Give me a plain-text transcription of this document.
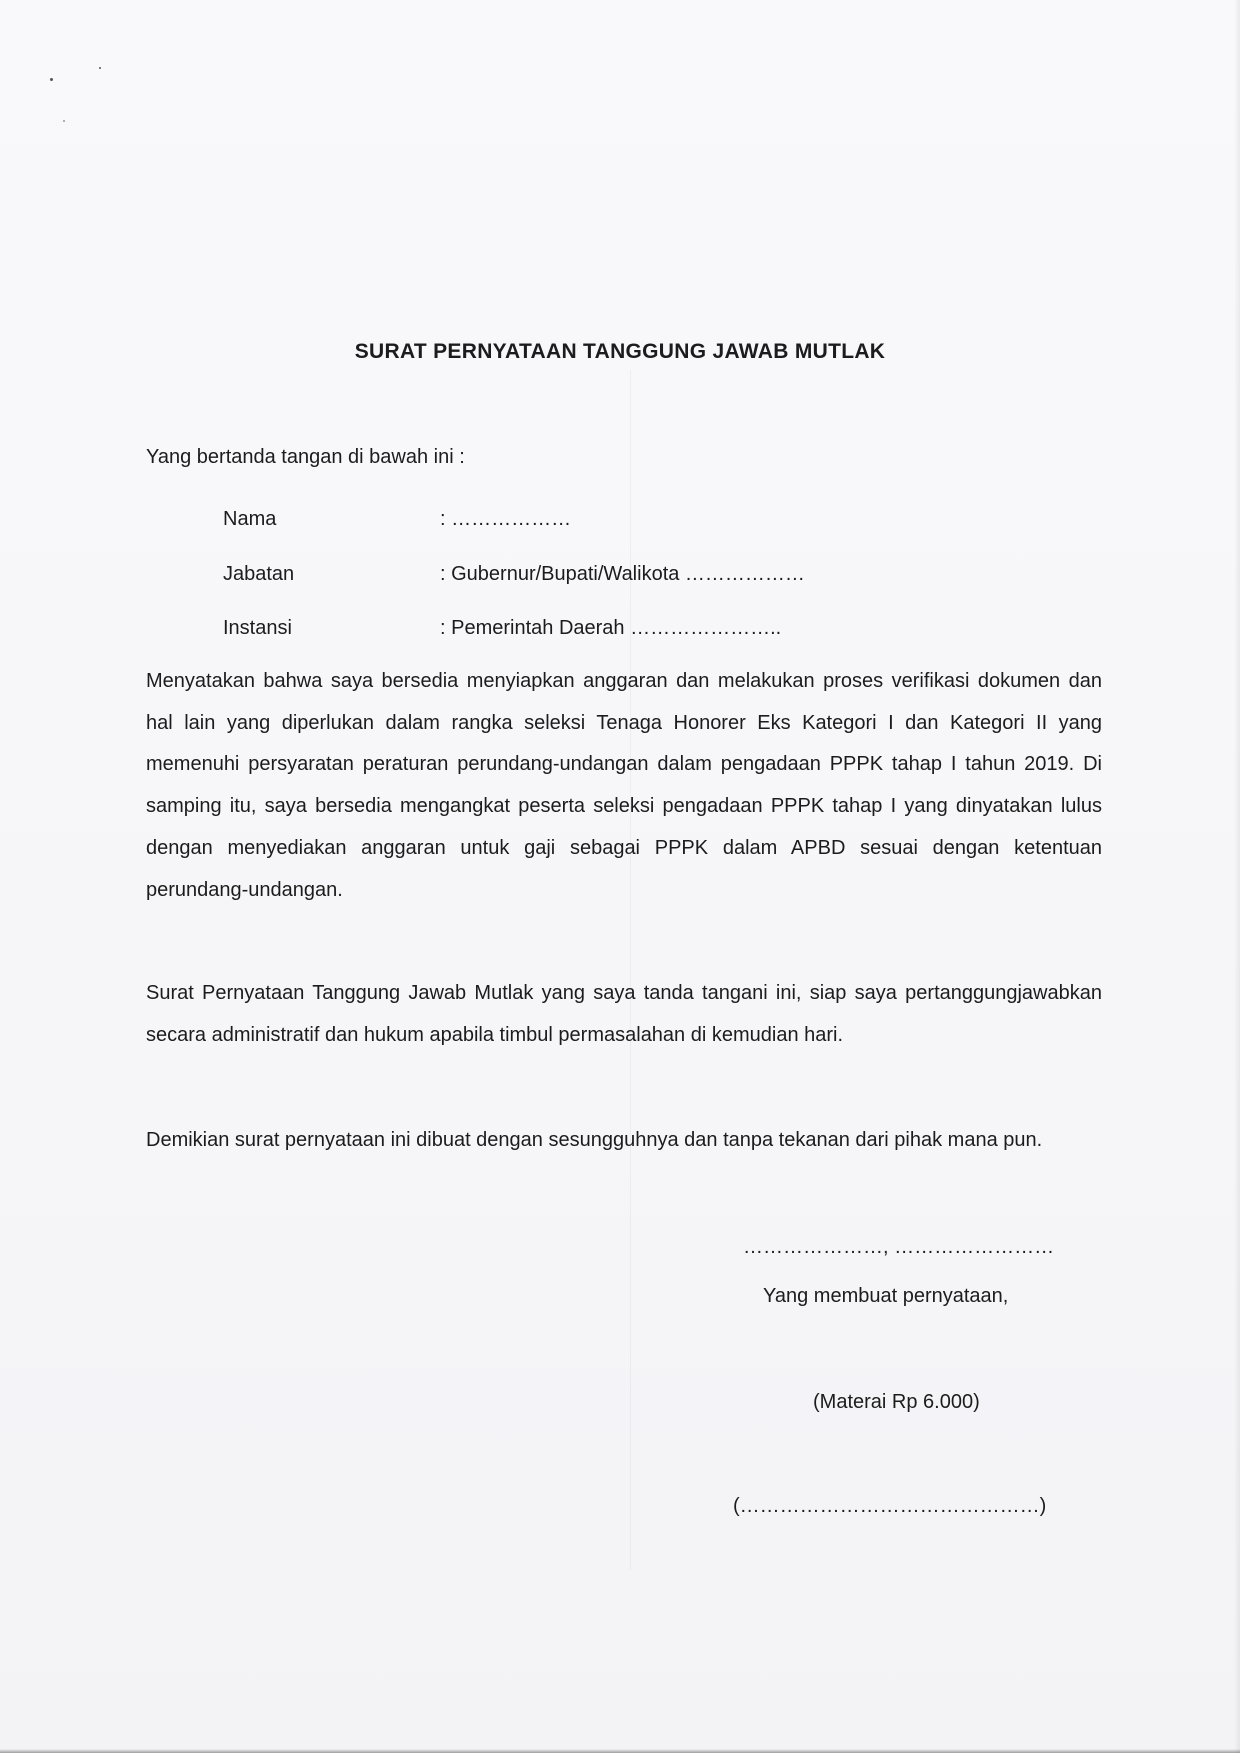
SURAT PERNYATAAN TANGGUNG JAWAB MUTLAK
Yang bertanda tangan di bawah ini :
Nama	: ………………
Jabatan	: Gubernur/Bupati/Walikota ………………
Instansi	: Pemerintah Daerah …………………..
Menyatakan bahwa saya bersedia menyiapkan anggaran dan melakukan proses verifikasi dokumen dan hal lain yang diperlukan dalam rangka seleksi Tenaga Honorer Eks Kategori I dan Kategori II yang memenuhi persyaratan peraturan perundang-undangan dalam pengadaan PPPK tahap I tahun 2019. Di samping itu, saya bersedia mengangkat peserta seleksi pengadaan PPPK tahap I yang dinyatakan lulus dengan menyediakan anggaran untuk gaji sebagai PPPK dalam APBD sesuai dengan ketentuan perundang-undangan.
Surat Pernyataan Tanggung Jawab Mutlak yang saya tanda tangani ini, siap saya pertanggungjawabkan secara administratif dan hukum apabila timbul permasalahan di kemudian hari.
Demikian surat pernyataan ini dibuat dengan sesungguhnya dan tanpa tekanan dari pihak mana pun.
…………………, ……………………
Yang membuat pernyataan,
(Materai Rp 6.000)
(………………………………………)
